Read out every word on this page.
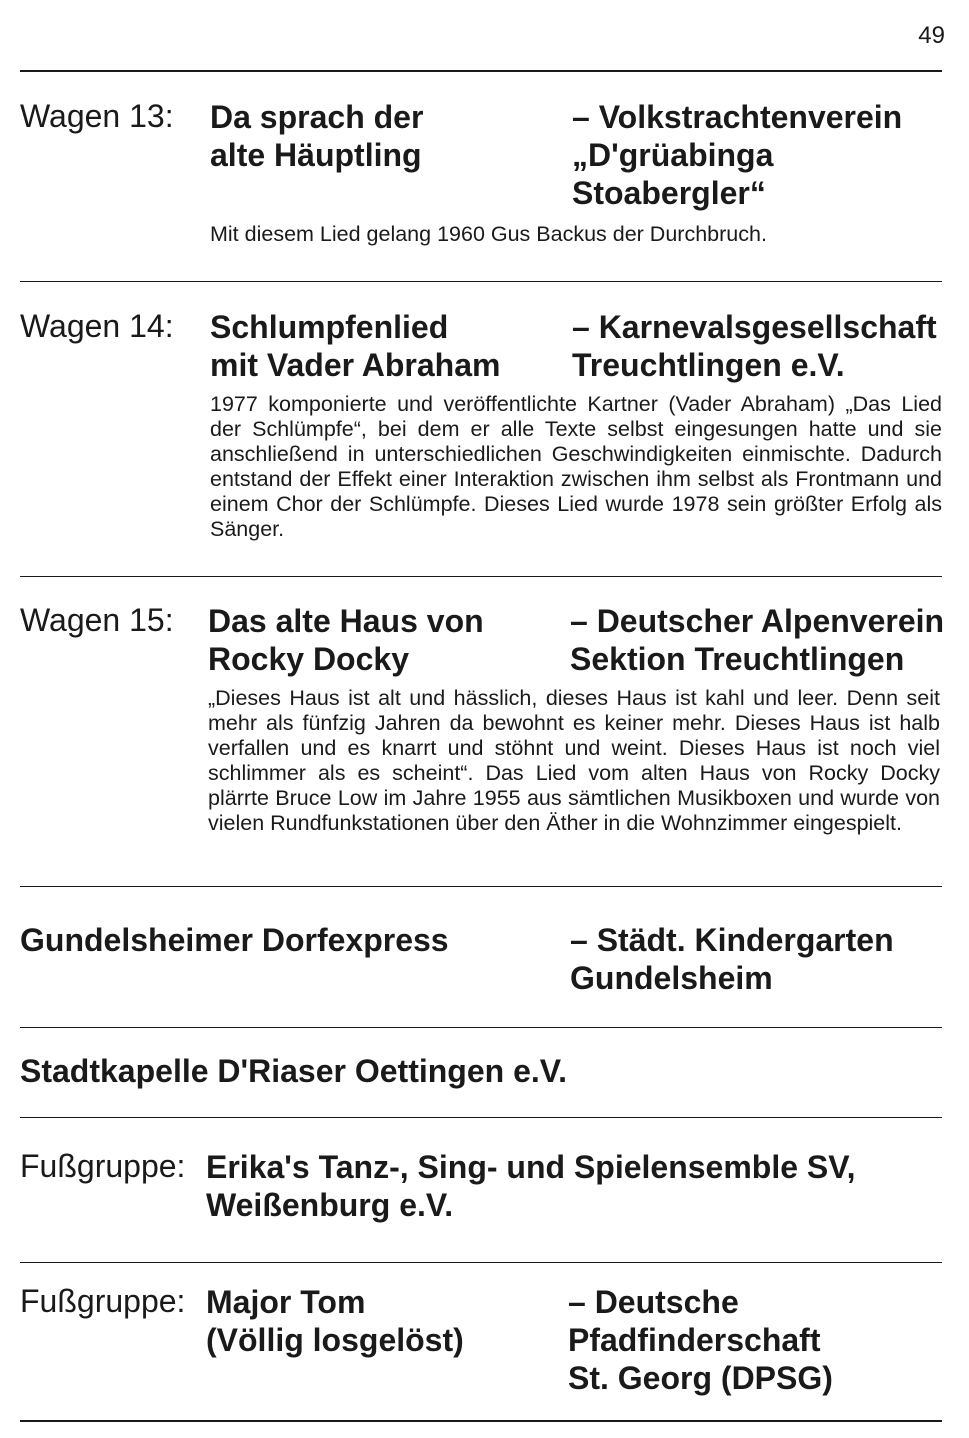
49
Wagen 13: Da sprach der
alte Häuptling
– Volkstrachtenverein
„D'grüabinga
Stoabergler“
Mit diesem Lied gelang 1960 Gus Backus der Durchbruch.
Wagen 14: Schlumpfenlied
mit Vader Abraham
– Karnevalsgesellschaft
Treuchtlingen e.V.
1977 komponierte und veröffentlichte Kartner (Vader Abraham) „Das Lied der Schlümpfe“, bei dem er alle Texte selbst eingesungen hatte und sie anschließend in unterschiedlichen Geschwindigkeiten einmischte. Dadurch entstand der Effekt einer Interaktion zwischen ihm selbst als Frontmann und einem Chor der Schlümpfe. Dieses Lied wurde 1978 sein größter Erfolg als Sänger.
Wagen 15: Das alte Haus von
Rocky Docky
– Deutscher Alpenverein
Sektion Treuchtlingen
„Dieses Haus ist alt und hässlich, dieses Haus ist kahl und leer. Denn seit mehr als fünfzig Jahren da bewohnt es keiner mehr. Dieses Haus ist halb verfallen und es knarrt und stöhnt und weint. Dieses Haus ist noch viel schlimmer als es scheint“. Das Lied vom alten Haus von Rocky Docky plärrte Bruce Low im Jahre 1955 aus sämtlichen Musikboxen und wurde von vielen Rundfunkstationen über den Äther in die Wohnzimmer eingespielt.
Gundelsheimer Dorfexpress	– Städt. Kindergarten
Gundelsheim
Stadtkapelle D'Riaser Oettingen e.V.
Fußgruppe: Erika's Tanz-, Sing- und Spielensemble SV,
Weißenburg e.V.
Fußgruppe: Major Tom
(Völlig losgelöst)
– Deutsche
Pfadfinderschaft
St. Georg (DPSG)
